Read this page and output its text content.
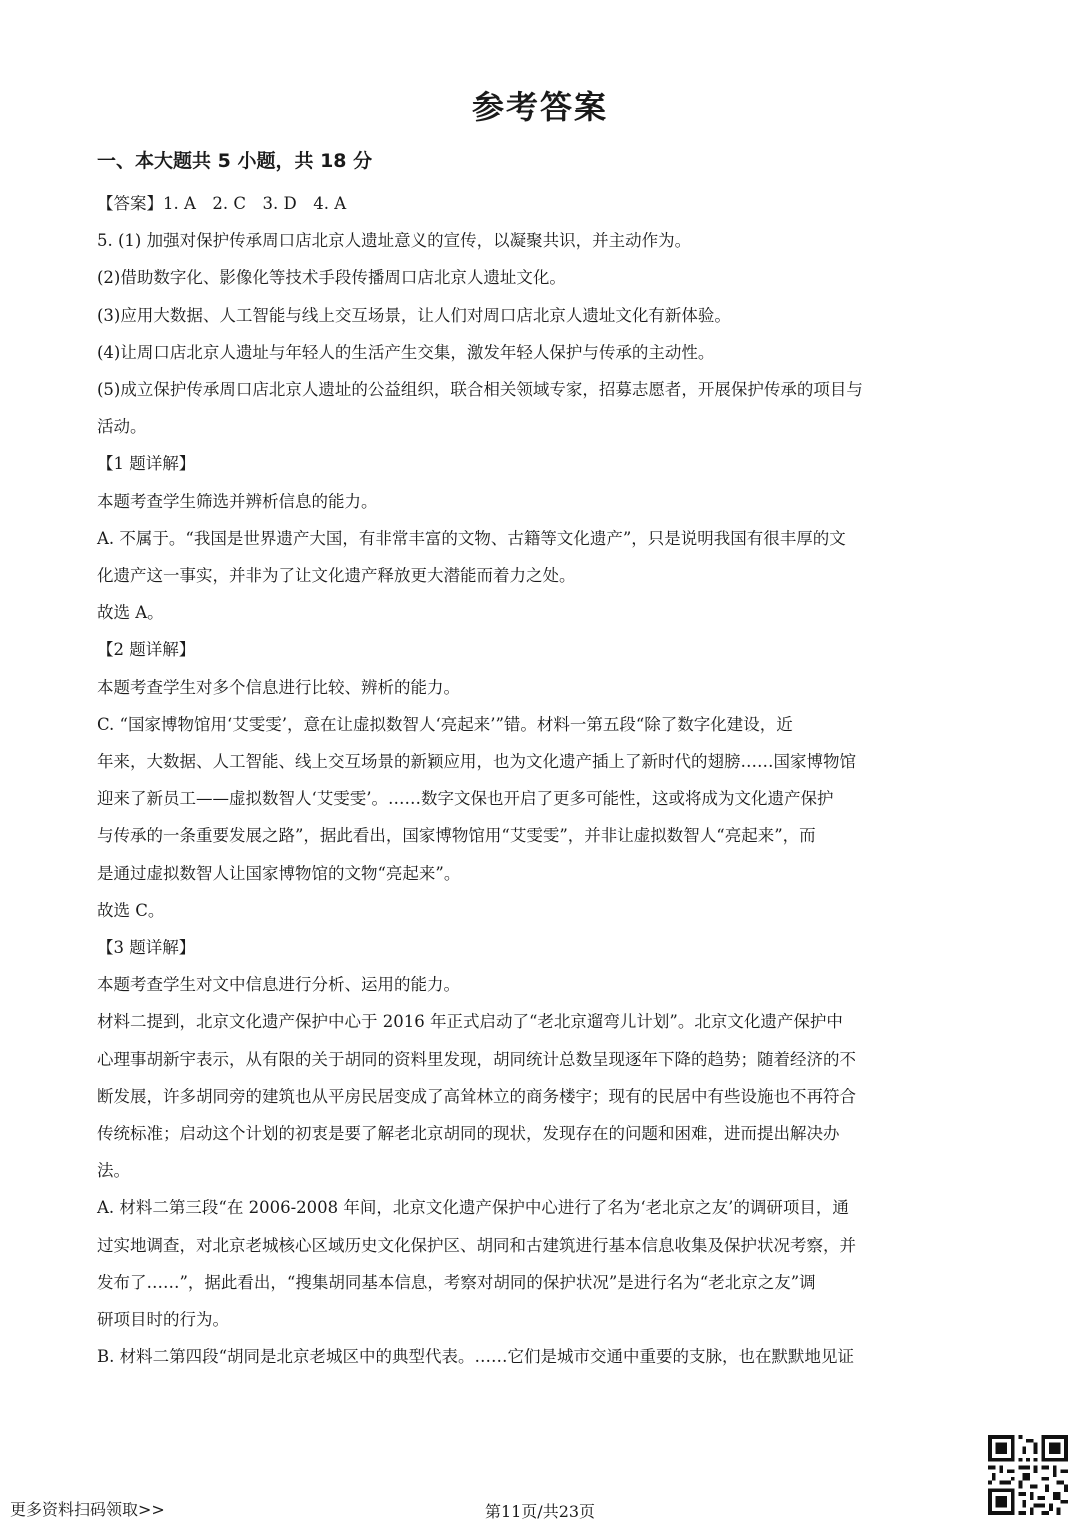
参考答案
一、本大题共 5 小题，共 18 分

【答案】1. A　2. C　3. D　4. A

5. (1) 加强对保护传承周口店北京人遗址意义的宣传，以凝聚共识，并主动作为。

(2)借助数字化、影像化等技术手段传播周口店北京人遗址文化。

(3)应用大数据、人工智能与线上交互场景，让人们对周口店北京人遗址文化有新体验。

(4)让周口店北京人遗址与年轻人的生活产生交集，激发年轻人保护与传承的主动性。

(5)成立保护传承周口店北京人遗址的公益组织，联合相关领域专家，招募志愿者，开展保护传承的项目与

活动。

【1 题详解】

本题考查学生筛选并辨析信息的能力。

A. 不属于。“我国是世界遗产大国，有非常丰富的文物、古籍等文化遗产”，只是说明我国有很丰厚的文

化遗产这一事实，并非为了让文化遗产释放更大潜能而着力之处。

故选 A。

【2 题详解】

本题考查学生对多个信息进行比较、辨析的能力。

C. “国家博物馆用‘艾雯雯’，意在让虚拟数智人‘亮起来’”错。材料一第五段“除了数字化建设，近

年来，大数据、人工智能、线上交互场景的新颖应用，也为文化遗产插上了新时代的翅膀……国家博物馆

迎来了新员工——虚拟数智人‘艾雯雯’。……数字文保也开启了更多可能性，这或将成为文化遗产保护

与传承的一条重要发展之路”，据此看出，国家博物馆用“艾雯雯”，并非让虚拟数智人“亮起来”，而

是通过虚拟数智人让国家博物馆的文物“亮起来”。

故选 C。

【3 题详解】

本题考查学生对文中信息进行分析、运用的能力。

材料二提到，北京文化遗产保护中心于 2016 年正式启动了“老北京遛弯儿计划”。北京文化遗产保护中

心理事胡新宇表示，从有限的关于胡同的资料里发现，胡同统计总数呈现逐年下降的趋势；随着经济的不

断发展，许多胡同旁的建筑也从平房民居变成了高耸林立的商务楼宇；现有的民居中有些设施也不再符合

传统标准；启动这个计划的初衷是要了解老北京胡同的现状，发现存在的问题和困难，进而提出解决办

法。

A. 材料二第三段“在 2006-2008 年间，北京文化遗产保护中心进行了名为‘老北京之友’的调研项目，通

过实地调查，对北京老城核心区域历史文化保护区、胡同和古建筑进行基本信息收集及保护状况考察，并

发布了……”，据此看出，“搜集胡同基本信息，考察对胡同的保护状况”是进行名为“老北京之友”调

研项目时的行为。

B. 材料二第四段“胡同是北京老城区中的典型代表。……它们是城市交通中重要的支脉，也在默默地见证

更多资料扫码领取>>	第11页/共23页
